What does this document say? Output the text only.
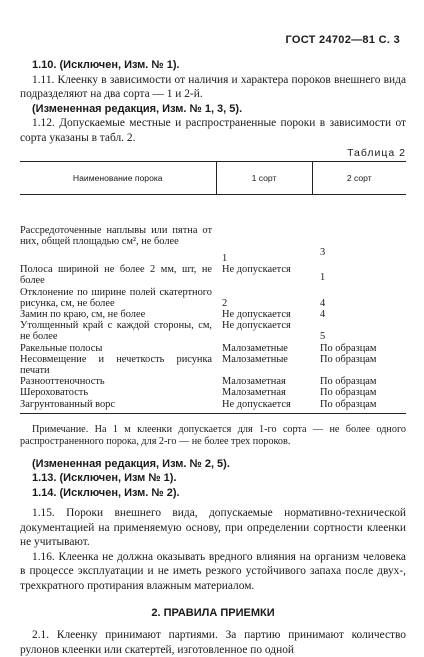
ГОСТ 24702—81 С. 3

1.10. (Исключен, Изм. № 1).

1.11. Клеенку в зависимости от наличия и характера пороков внешнего вида подразделяют на два сорта — 1 и 2-й.

(Измененная редакция, Изм. № 1, 3, 5).

1.12. Допускаемые местные и распространенные пороки в зависимости от сорта указаны в табл. 2.

Таблица 2
Наименование порока	1 сорт	2 сорт
Рассредоточенные наплывы или пятна от них, общей площадью см², не более	1	3
Полоса шириной не более 2 мм, шт, не более	Не допускается	1
Отклонение по ширине полей скатертного рисунка, см, не более	2	4
Замин по краю, см, не более	Не допускается	4
Утолщенный край с каждой стороны, см, не более	Не допускается	5
Ракельные полосы	Малозаметные	По образцам
Несовмещение и нечеткость рисунка печати	Малозаметные	По образцам
Разнооттеночность	Малозаметная	По образцам
Шероховатость	Малозаметная	По образцам
Загрунтованный ворс	Не допускается	По образцам

Примечание. На 1 м клеенки допускается для 1-го сорта — не более одного распространенного порока, для 2-го — не более трех пороков.

(Измененная редакция, Изм. № 2, 5).

1.13. (Исключен, Изм № 1).

1.14. (Исключен, Изм. № 2).

1.15. Пороки внешнего вида, допускаемые нормативно-технической документацией на применяемую основу, при определении сортности клеенки не учитывают.

1.16. Клеенка не должна оказывать вредного влияния на организм человека в процессе эксплуатации и не иметь резкого устойчивого запаха после двух-, трехкратного протирания влажным материалом.

2. ПРАВИЛА ПРИЕМКИ

2.1. Клеенку принимают партиями. За партию принимают количество рулонов клеенки или скатертей, изготовленное по одной
